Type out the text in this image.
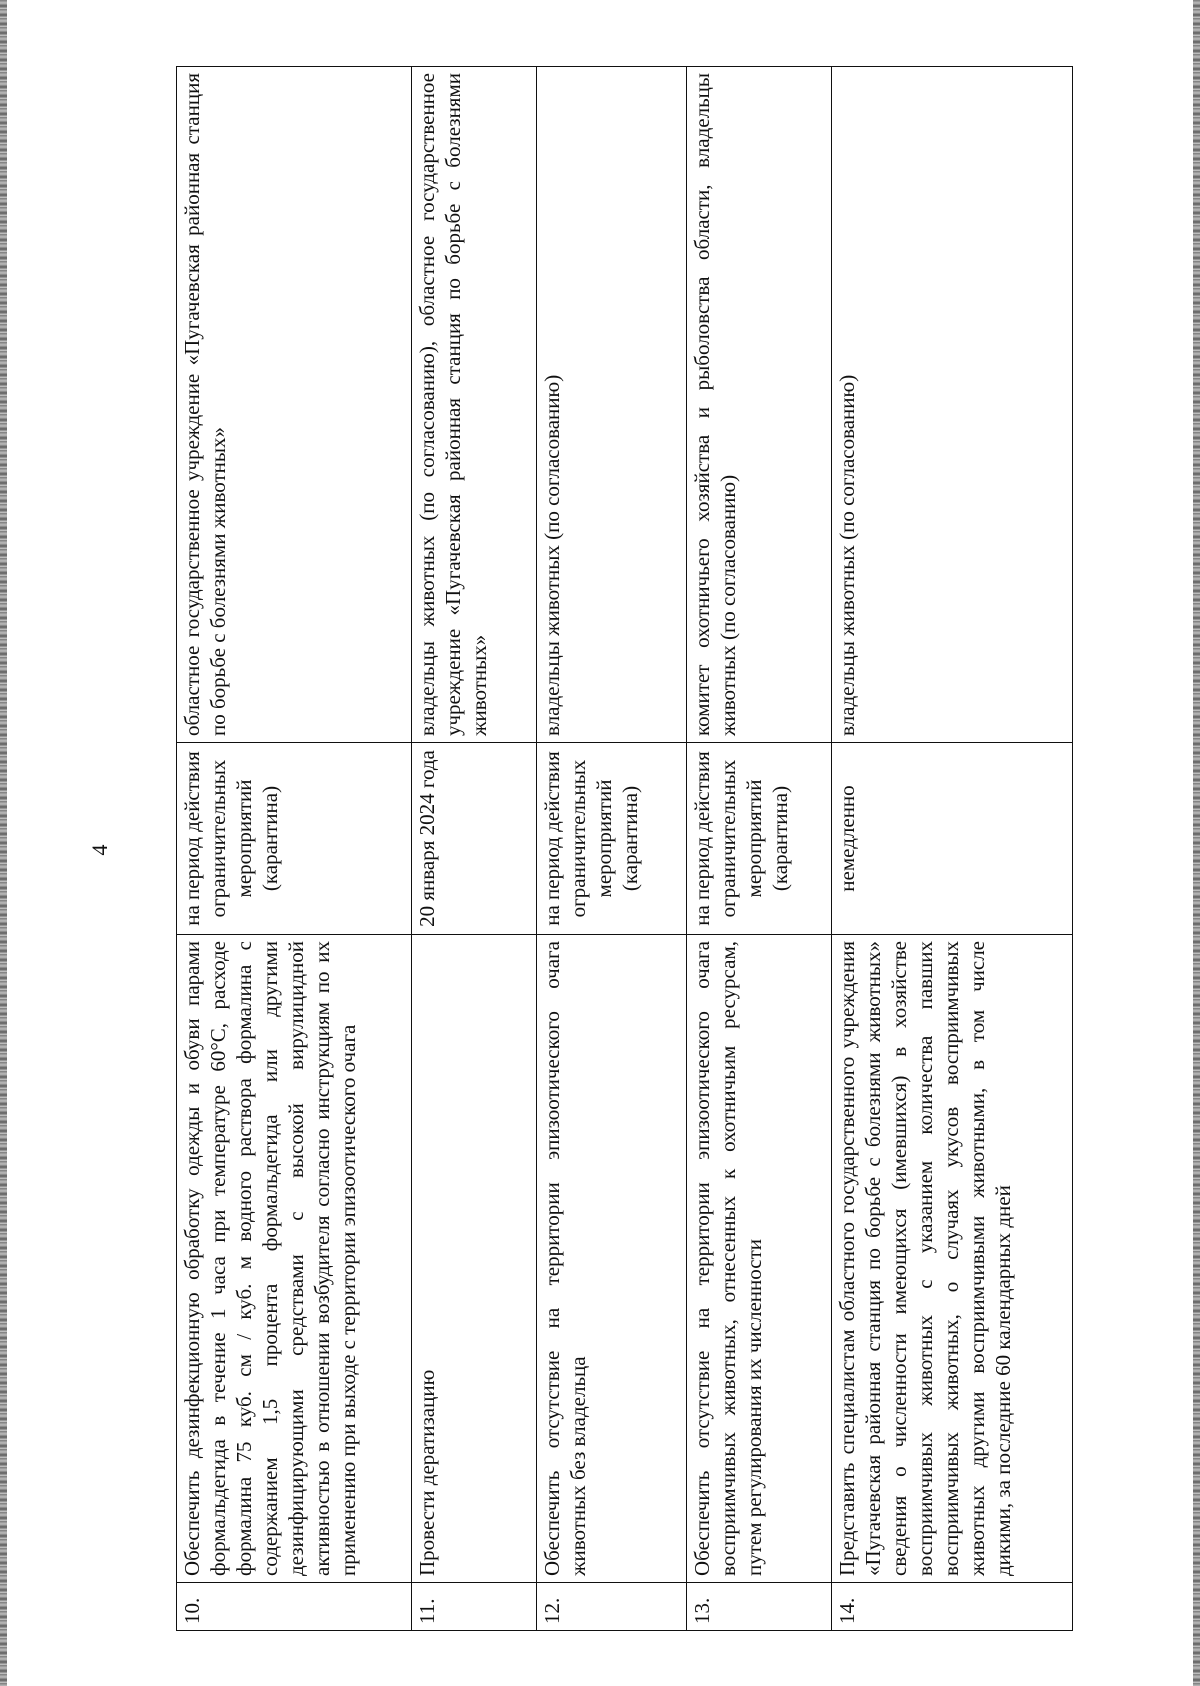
4
10.	Обеспечить дезинфекционную обработку одежды и обуви парами формальдегида в течение 1 часа при температуре 60°С, расходе формалина 75 куб. см / куб. м водного раствора формалина с содержанием 1,5 процента формальдегида или другими дезинфицирующими средствами с высокой вирулицидной активностью в отношении возбудителя согласно инструкциям по их применению при выходе с территории эпизоотического очага	на период действия ограничительных мероприятий (карантина)	областное государственное учреждение «Пугачевская районная станция по борьбе с болезнями животных»
11.	Провести дератизацию	20 января 2024 года	владельцы животных (по согласованию), областное государственное учреждение «Пугачевская районная станция по борьбе с болезнями животных»
12.	Обеспечить отсутствие на территории эпизоотического очага животных без владельца	на период действия ограничительных мероприятий (карантина)	владельцы животных (по согласованию)
13.	Обеспечить отсутствие на территории эпизоотического очага восприимчивых животных, отнесенных к охотничьим ресурсам, путем регулирования их численности	на период действия ограничительных мероприятий (карантина)	комитет охотничьего хозяйства и рыболовства области, владельцы животных (по согласованию)
14.	Представить специалистам областного государственного учреждения «Пугачевская районная станция по борьбе с болезнями животных» сведения о численности имеющихся (имевшихся) в хозяйстве восприимчивых животных с указанием количества павших восприимчивых животных, о случаях укусов восприимчивых животных другими восприимчивыми животными, в том числе дикими, за последние 60 календарных дней	немедленно	владельцы животных (по согласованию)
